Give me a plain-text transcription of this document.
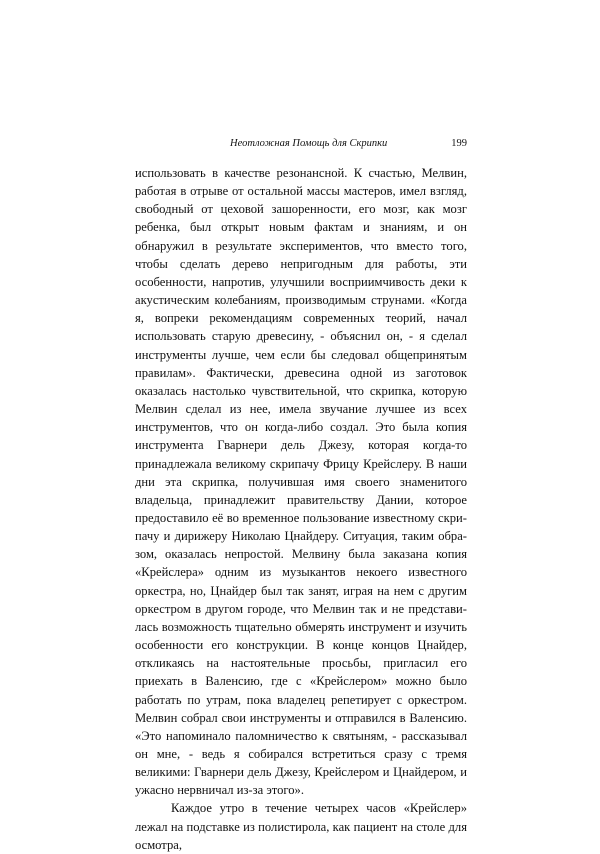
Неотложная Помощь для Скрипки	199

использовать в качестве резонансной. К счастью, Мелвин, работая в отрыве от остальной массы мастеров, имел взгляд, свободный от цеховой зашоренности, его мозг, как мозг ребенка, был открыт новым фактам и знаниям, и он обнаружил в результате экспериментов, что вместо того, чтобы сделать дерево непригодным для работы, эти особенности, напротив, улучшили восприимчивость деки к акустическим колебаниям, производимым струнами. «Когда я, вопреки рекомендациям современных теорий, начал использовать старую древесину, - объяснил он, - я сделал инструменты лучше, чем если бы следовал общепринятым правилам». Фактически, древесина одной из заготовок оказалась настолько чувствительной, что скрипка, которую Мелвин сделал из нее, имела звучание лучшее из всех инструментов, что он когда-либо создал. Это была копия инструмента Гварнери дель Джезу, которая когда-то принадлежала великому скрипачу Фрицу Крейслеру. В наши дни эта скрипка, получившая имя своего знаменитого владельца, принадлежит правительству Дании, которое предоставило её во временное пользование известному скрипачу и дирижеру Николаю Цнайдеру. Ситуация, таким образом, оказалась непростой. Мелвину была заказана копия «Крейслера» одним из музыкантов некоего известного оркестра, но, Цнайдер был так занят, играя на нем с другим оркестром в другом городе, что Мелвин так и не представилась возможность тщательно обмерять инструмент и изучить особенности его конструкции. В конце концов Цнайдер, откликаясь на настоятельные просьбы, пригласил его приехать в Валенсию, где с «Крейслером» можно было работать по утрам, пока владелец репетирует с оркестром. Мелвин собрал свои инструменты и отправился в Валенсию. «Это напоминало паломничество к святыням, - рассказывал он мне, - ведь я собирался встретиться сразу с тремя великими: Гварнери дель Джезу, Крейслером и Цнайдером, и ужасно нервничал из-за этого».

Каждое утро в течение четырех часов «Крейслер» лежал на подставке из полистирола, как пациент на столе для осмотра,
